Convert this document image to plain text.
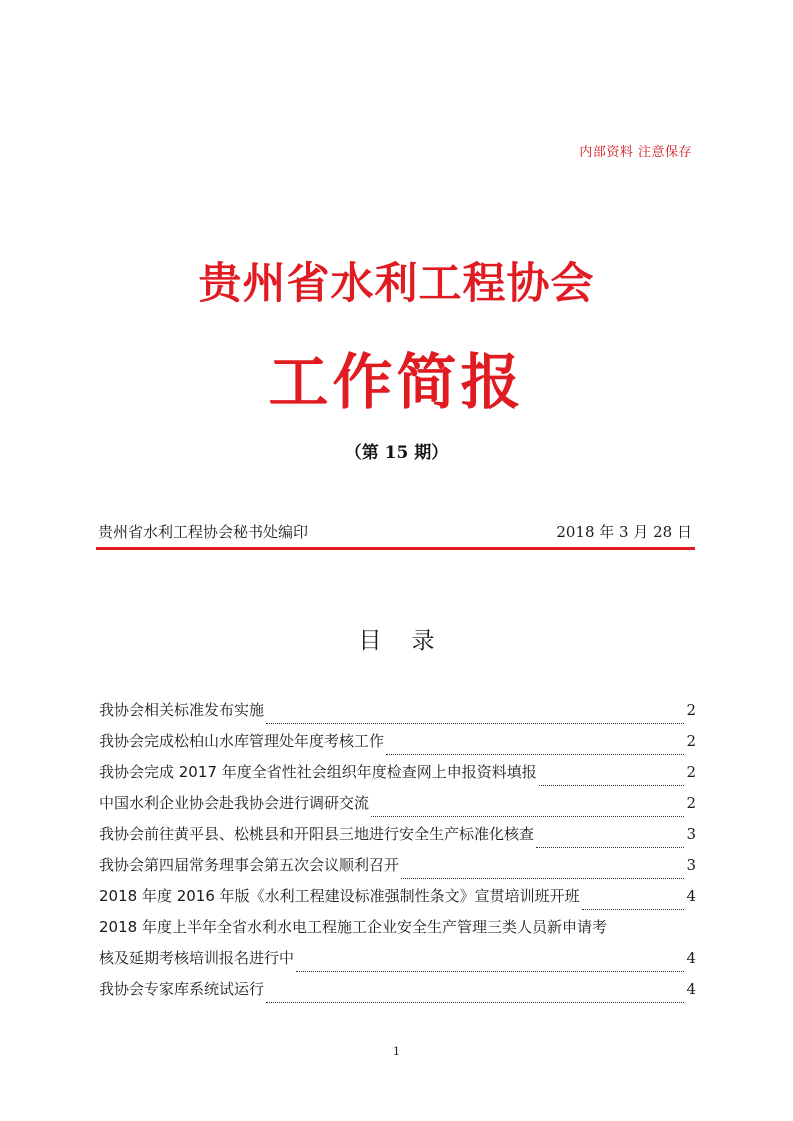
内部资料 注意保存
贵州省水利工程协会
工作简报
（第 15 期）
贵州省水利工程协会秘书处编印	2018 年 3 月 28 日
目录
我协会相关标准发布实施	2
我协会完成松柏山水库管理处年度考核工作	2
我协会完成 2017 年度全省性社会组织年度检查网上申报资料填报	2
中国水利企业协会赴我协会进行调研交流	2
我协会前往黄平县、松桃县和开阳县三地进行安全生产标准化核查	3
我协会第四届常务理事会第五次会议顺利召开	3
2018 年度 2016 年版《水利工程建设标准强制性条文》宣贯培训班开班	4
2018 年度上半年全省水利水电工程施工企业安全生产管理三类人员新申请考
核及延期考核培训报名进行中	4
我协会专家库系统试运行	4
1
